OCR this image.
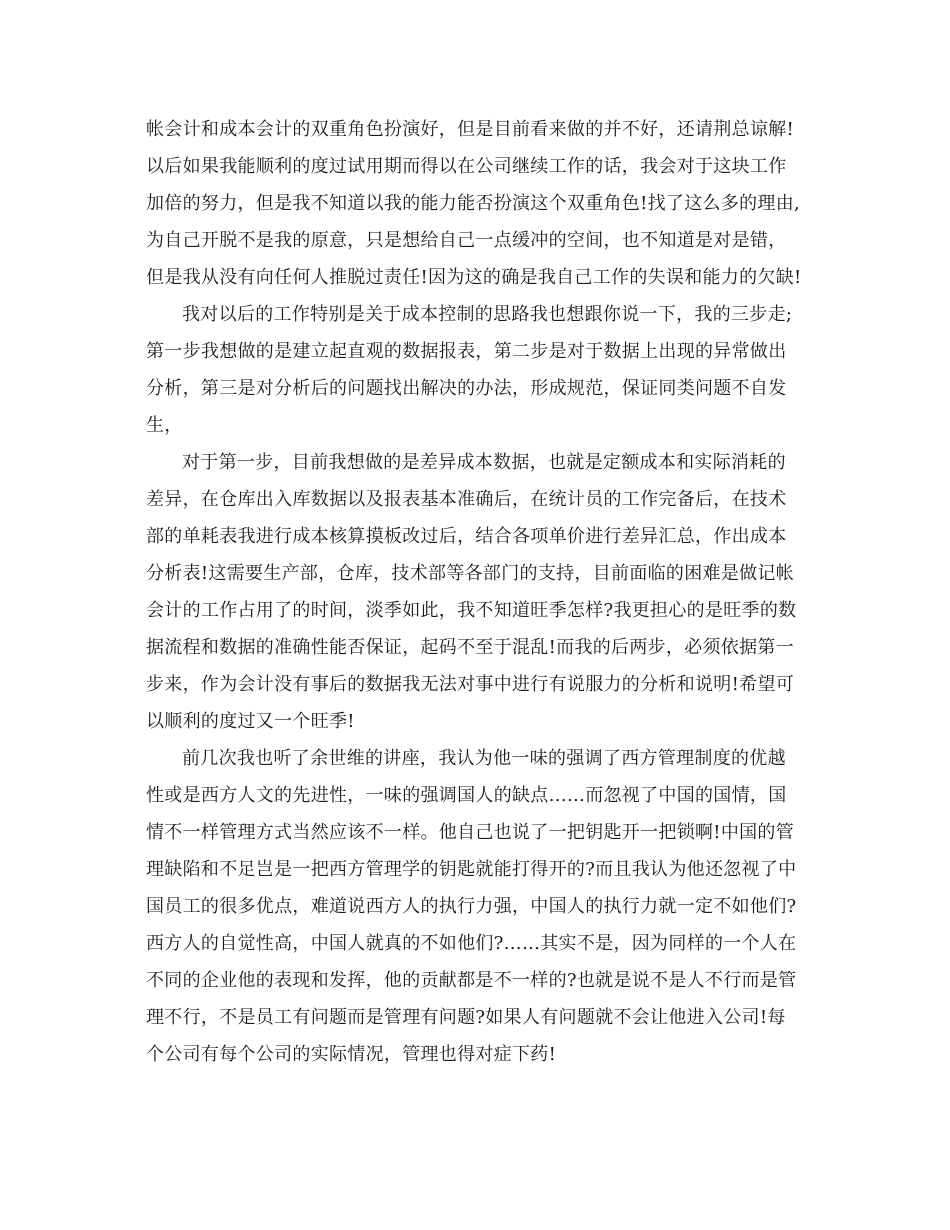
帐会计和成本会计的双重角色扮演好，但是目前看来做的并不好，还请荆总谅解!
以后如果我能顺利的度过试用期而得以在公司继续工作的话，我会对于这块工作
加倍的努力，但是我不知道以我的能力能否扮演这个双重角色!找了这么多的理由,
为自己开脱不是我的原意，只是想给自己一点缓冲的空间，也不知道是对是错，
但是我从没有向任何人推脱过责任!因为这的确是我自己工作的失误和能力的欠缺!
我对以后的工作特别是关于成本控制的思路我也想跟你说一下，我的三步走;
第一步我想做的是建立起直观的数据报表，第二步是对于数据上出现的异常做出
分析，第三是对分析后的问题找出解决的办法，形成规范，保证同类问题不自发
生，
对于第一步，目前我想做的是差异成本数据，也就是定额成本和实际消耗的
差异，在仓库出入库数据以及报表基本准确后，在统计员的工作完备后，在技术
部的单耗表我进行成本核算摸板改过后，结合各项单价进行差异汇总，作出成本
分析表!这需要生产部，仓库，技术部等各部门的支持，目前面临的困难是做记帐
会计的工作占用了的时间，淡季如此，我不知道旺季怎样?我更担心的是旺季的数
据流程和数据的准确性能否保证，起码不至于混乱!而我的后两步，必须依据第一
步来，作为会计没有事后的数据我无法对事中进行有说服力的分析和说明!希望可
以顺利的度过又一个旺季!
前几次我也听了余世维的讲座，我认为他一味的强调了西方管理制度的优越
性或是西方人文的先进性，一味的强调国人的缺点……而忽视了中国的国情，国
情不一样管理方式当然应该不一样。他自己也说了一把钥匙开一把锁啊!中国的管
理缺陷和不足岂是一把西方管理学的钥匙就能打得开的?而且我认为他还忽视了中
国员工的很多优点，难道说西方人的执行力强，中国人的执行力就一定不如他们?
西方人的自觉性高，中国人就真的不如他们?……其实不是，因为同样的一个人在
不同的企业他的表现和发挥，他的贡献都是不一样的?也就是说不是人不行而是管
理不行，不是员工有问题而是管理有问题?如果人有问题就不会让他进入公司!每
个公司有每个公司的实际情况，管理也得对症下药!
